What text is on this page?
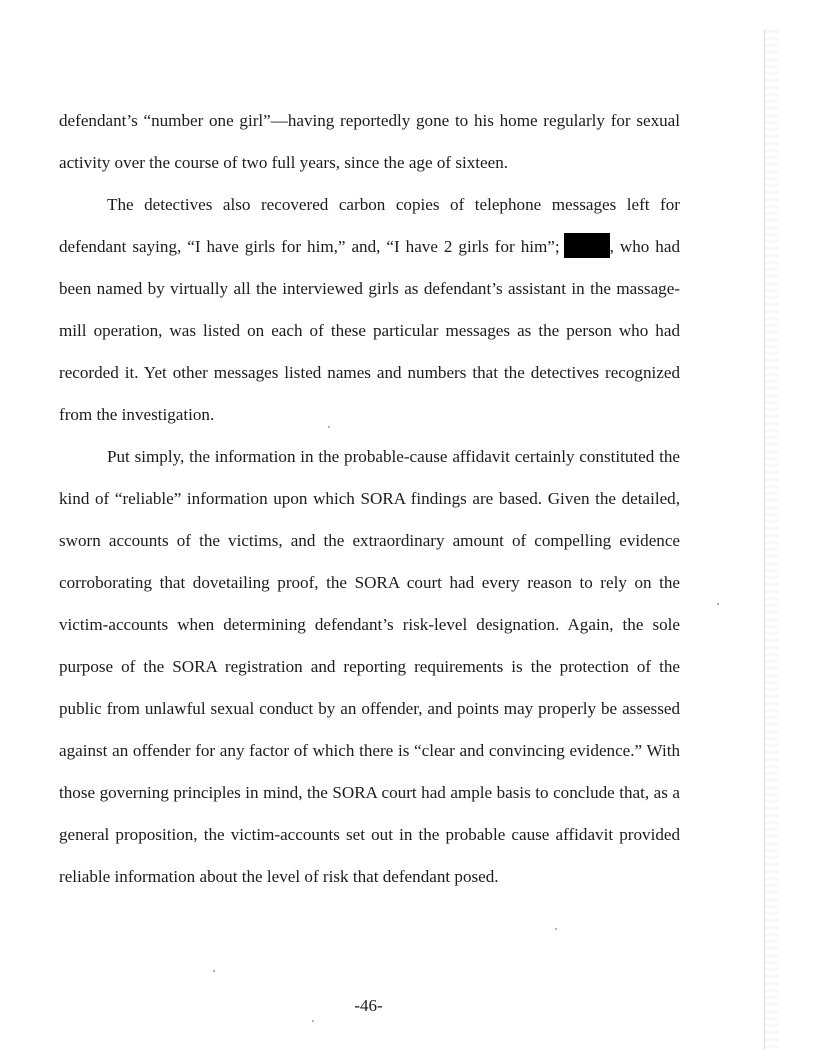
defendant’s “number one girl”—having reportedly gone to his home regularly for sexual activity over the course of two full years, since the age of sixteen.

The detectives also recovered carbon copies of telephone messages left for defendant saying, “I have girls for him,” and, “I have 2 girls for him”;	, who had been named by virtually all the interviewed girls as defendant’s assistant in the massage-mill operation, was listed on each of these particular messages as the person who had recorded it. Yet other messages listed names and numbers that the detectives recognized from the investigation.

Put simply, the information in the probable-cause affidavit certainly constituted the kind of “reliable” information upon which SORA findings are based. Given the detailed, sworn accounts of the victims, and the extraordinary amount of compelling evidence corroborating that dovetailing proof, the SORA court had every reason to rely on the victim-accounts when determining defendant’s risk-level designation. Again, the sole purpose of the SORA registration and reporting requirements is the protection of the public from unlawful sexual conduct by an offender, and points may properly be assessed against an offender for any factor of which there is “clear and convincing evidence.” With those governing principles in mind, the SORA court had ample basis to conclude that, as a general proposition, the victim-accounts set out in the probable cause affidavit provided reliable information about the level of risk that defendant posed.

-46-
